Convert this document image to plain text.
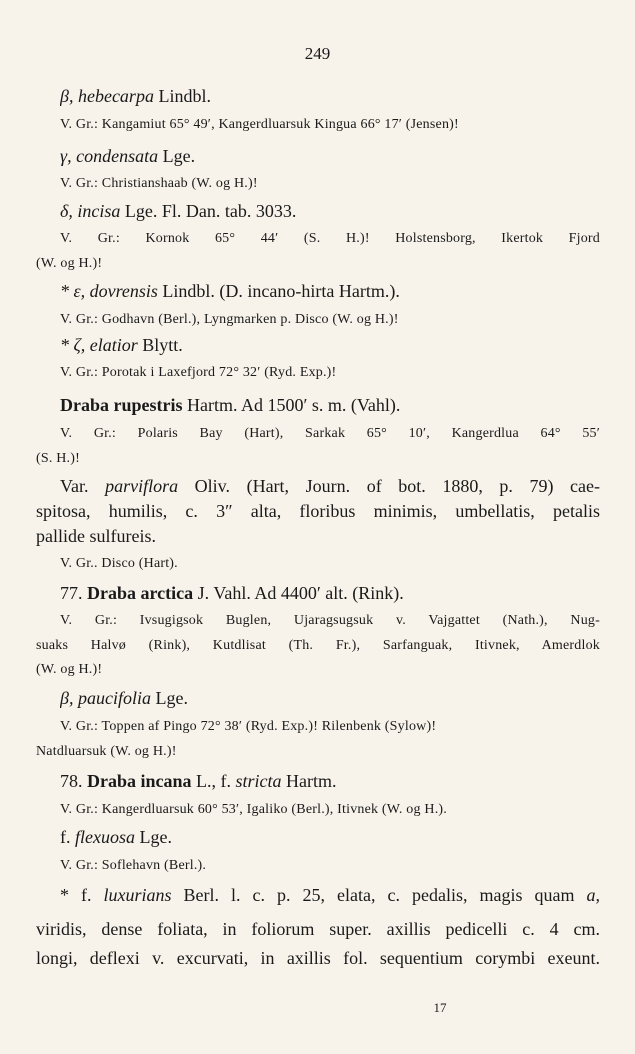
249
β, hebecarpa Lindbl.
V. Gr.: Kangamiut 65° 49′, Kangerdluarsuk Kingua 66° 17′ (Jensen)!
γ, condensata Lge.
V. Gr.: Christianshaab (W. og H.)!
δ, incisa Lge. Fl. Dan. tab. 3033.
V. Gr.: Kornok 65° 44′ (S. H.)! Holstensborg, Ikertok Fjord
(W. og H.)!
* ε, dovrensis Lindbl. (D. incano-hirta Hartm.).
V. Gr.: Godhavn (Berl.), Lyngmarken p. Disco (W. og H.)!
* ζ, elatior Blytt.
V. Gr.: Porotak i Laxefjord 72° 32′ (Ryd. Exp.)!
Draba rupestris Hartm. Ad 1500′ s. m. (Vahl).
V. Gr.: Polaris Bay (Hart), Sarkak 65° 10′, Kangerdlua 64° 55′
(S. H.)!
Var. parviflora Oliv. (Hart, Journ. of bot. 1880, p. 79) cae-
spitosa, humilis, c. 3″ alta, floribus minimis, umbellatis, petalis
pallide sulfureis.
V. Gr.. Disco (Hart).
77. Draba arctica J. Vahl. Ad 4400′ alt. (Rink).
V. Gr.: Ivsugigsok Buglen, Ujaragsugsuk v. Vajgattet (Nath.), Nug-
suaks Halvø (Rink), Kutdlisat (Th. Fr.), Sarfanguak, Itivnek, Amerdlok
(W. og H.)!
β, paucifolia Lge.
V. Gr.: Toppen af Pingo 72° 38′ (Ryd. Exp.)! Rilenbenk (Sylow)!
Natdluarsuk (W. og H.)!
78. Draba incana L., f. stricta Hartm.
V. Gr.: Kangerdluarsuk 60° 53′, Igaliko (Berl.), Itivnek (W. og H.).
f. flexuosa Lge.
V. Gr.: Soflehavn (Berl.).
* f. luxurians Berl. l. c. p. 25, elata, c. pedalis, magis quam a,
viridis, dense foliata, in foliorum super. axillis pedicelli c. 4 cm.
longi, deflexi v. excurvati, in axillis fol. sequentium corymbi exeunt.
17
